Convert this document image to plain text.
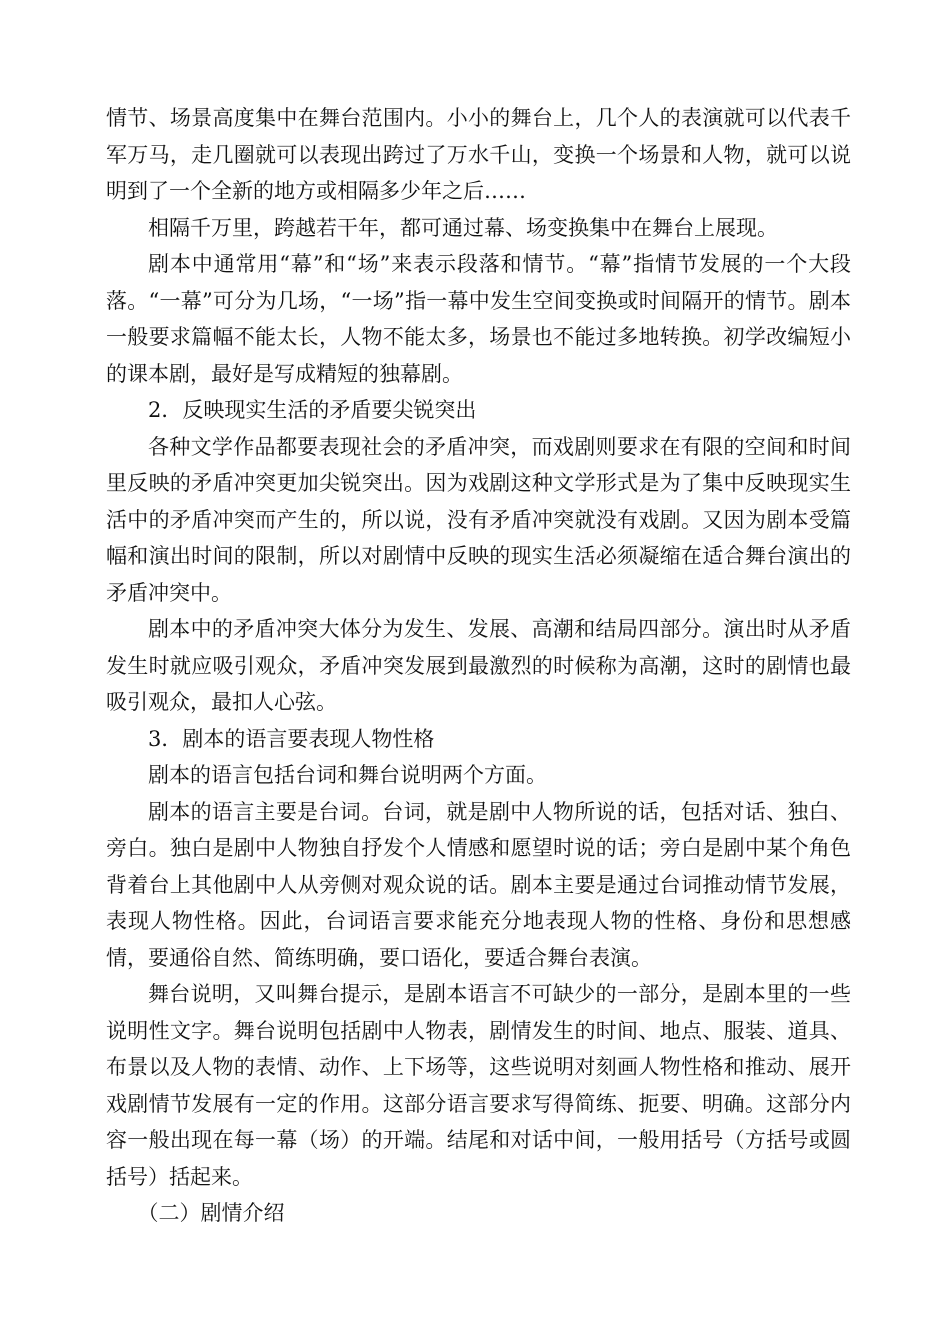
情节、场景高度集中在舞台范围内。小小的舞台上，几个人的表演就可以代表千军万马，走几圈就可以表现出跨过了万水千山，变换一个场景和人物，就可以说明到了一个全新的地方或相隔多少年之后……

相隔千万里，跨越若干年，都可通过幕、场变换集中在舞台上展现。

剧本中通常用“幕”和“场”来表示段落和情节。“幕”指情节发展的一个大段落。“一幕”可分为几场，“一场”指一幕中发生空间变换或时间隔开的情节。剧本一般要求篇幅不能太长，人物不能太多，场景也不能过多地转换。初学改编短小的课本剧，最好是写成精短的独幕剧。

2．反映现实生活的矛盾要尖锐突出

各种文学作品都要表现社会的矛盾冲突，而戏剧则要求在有限的空间和时间里反映的矛盾冲突更加尖锐突出。因为戏剧这种文学形式是为了集中反映现实生活中的矛盾冲突而产生的，所以说，没有矛盾冲突就没有戏剧。又因为剧本受篇幅和演出时间的限制，所以对剧情中反映的现实生活必须凝缩在适合舞台演出的矛盾冲突中。

剧本中的矛盾冲突大体分为发生、发展、高潮和结局四部分。演出时从矛盾发生时就应吸引观众，矛盾冲突发展到最激烈的时候称为高潮，这时的剧情也最吸引观众，最扣人心弦。

3．剧本的语言要表现人物性格

剧本的语言包括台词和舞台说明两个方面。

剧本的语言主要是台词。台词，就是剧中人物所说的话，包括对话、独白、旁白。独白是剧中人物独自抒发个人情感和愿望时说的话；旁白是剧中某个角色背着台上其他剧中人从旁侧对观众说的话。剧本主要是通过台词推动情节发展，表现人物性格。因此，台词语言要求能充分地表现人物的性格、身份和思想感情，要通俗自然、简练明确，要口语化，要适合舞台表演。

舞台说明，又叫舞台提示，是剧本语言不可缺少的一部分，是剧本里的一些说明性文字。舞台说明包括剧中人物表，剧情发生的时间、地点、服装、道具、布景以及人物的表情、动作、上下场等，这些说明对刻画人物性格和推动、展开戏剧情节发展有一定的作用。这部分语言要求写得简练、扼要、明确。这部分内容一般出现在每一幕（场）的开端。结尾和对话中间，一般用括号（方括号或圆括号）括起来。

（二）剧情介绍
